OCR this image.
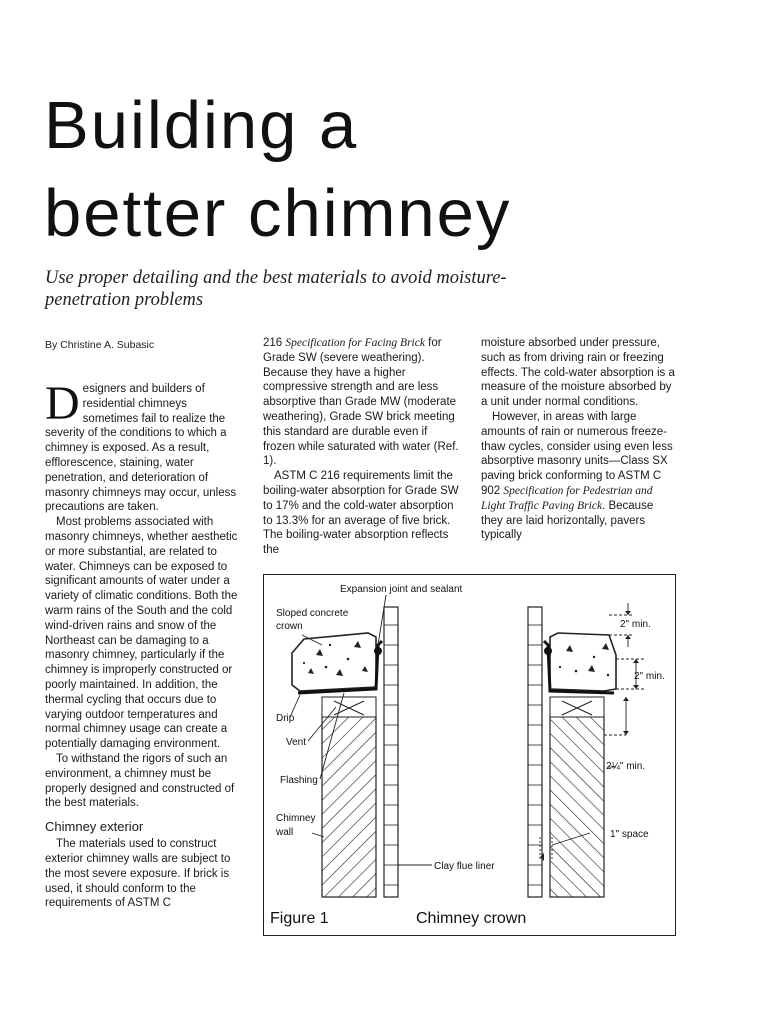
Building a
better chimney

Use proper detailing and the best materials to avoid moisture-penetration problems

By Christine A. Subasic

Designers and builders of residential chimneys sometimes fail to realize the severity of the conditions to which a chimney is exposed. As a result, efflorescence, staining, water penetration, and deterioration of masonry chimneys may occur, unless precautions are taken.

Most problems associated with masonry chimneys, whether aesthetic or more substantial, are related to water. Chimneys can be exposed to significant amounts of water under a variety of climatic conditions. Both the warm rains of the South and the cold wind-driven rains and snow of the Northeast can be damaging to a masonry chimney, particularly if the chimney is improperly constructed or poorly maintained. In addition, the thermal cycling that occurs due to varying outdoor temperatures and normal chimney usage can create a potentially damaging environment.

To withstand the rigors of such an environment, a chimney must be properly designed and constructed of the best materials.

Chimney exterior

The materials used to construct exterior chimney walls are subject to the most severe exposure. If brick is used, it should conform to the requirements of ASTM C

216 Specification for Facing Brick for Grade SW (severe weathering). Because they have a higher compressive strength and are less absorptive than Grade MW (moderate weathering), Grade SW brick meeting this standard are durable even if frozen while saturated with water (Ref. 1).

ASTM C 216 requirements limit the boiling-water absorption for Grade SW to 17% and the cold-water absorption to 13.3% for an average of five brick. The boiling-water absorption reflects the

moisture absorbed under pressure, such as from driving rain or freezing effects. The cold-water absorption is a measure of the moisture absorbed by a unit under normal conditions.

However, in areas with large amounts of rain or numerous freeze-thaw cycles, consider using even less absorptive masonry units—Class SX paving brick conforming to ASTM C 902 Specification for Pedestrian and Light Traffic Paving Brick. Because they are laid horizontally, pavers typically

Expansion joint and sealant
Sloped concrete
crown
Drip
Vent
Flashing
Chimney
wall
Clay flue liner
2" min.
2" min.
2¼" min.
1" space
Figure 1	Chimney crown
